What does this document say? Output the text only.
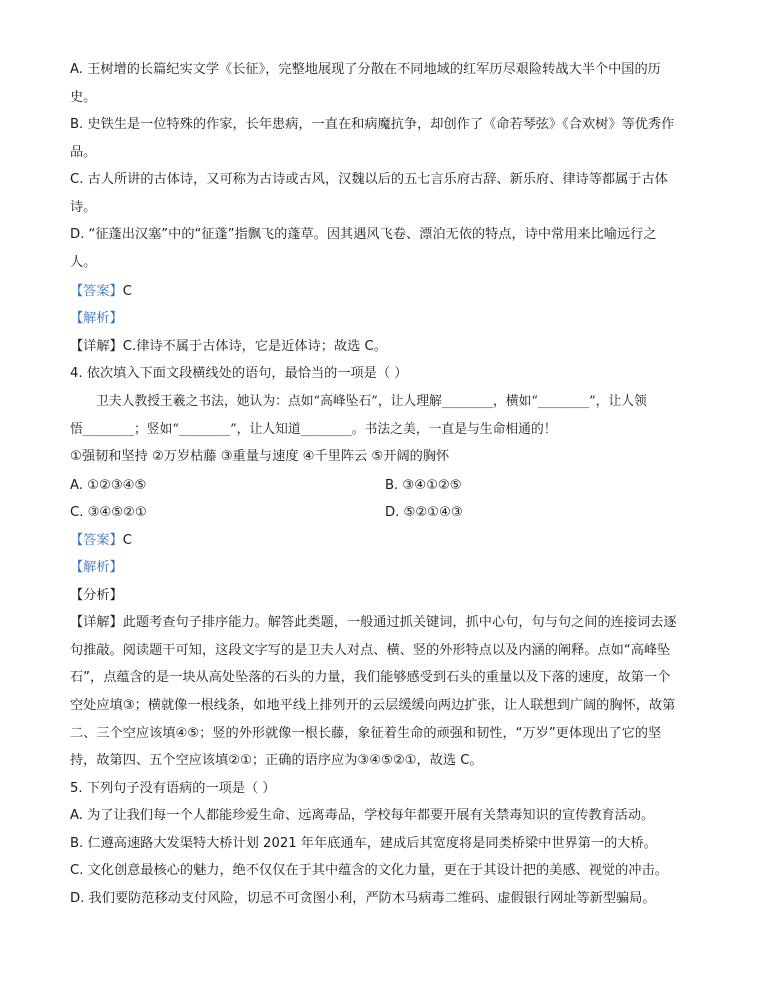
A. 王树增的长篇纪实文学《长征》，完整地展现了分散在不同地域的红军历尽艰险转战大半个中国的历
史。
B. 史铁生是一位特殊的作家，长年患病，一直在和病魔抗争，却创作了《命若琴弦》《合欢树》等优秀作
品。
C. 古人所讲的古体诗，又可称为古诗或古风，汉魏以后的五七言乐府古辞、新乐府、律诗等都属于古体
诗。
D. “征蓬出汉塞”中的“征蓬”指飘飞的蓬草。因其遇风飞卷、漂泊无依的特点，诗中常用来比喻远行之
人。
【答案】C
【解析】
【详解】C.律诗不属于古体诗，它是近体诗；故选 C。
4. 依次填入下面文段横线处的语句，最恰当的一项是（ ）
卫夫人教授王羲之书法，她认为：点如“高峰坠石”，让人理解________，横如“________”，让人领
悟________；竖如“________”，让人知道________。书法之美，一直是与生命相通的！
①强韧和坚持 ②万岁枯藤 ③重量与速度 ④千里阵云 ⑤开阔的胸怀
A. ①②③④⑤	B. ③④①②⑤
C. ③④⑤②①	D. ⑤②①④③
【答案】C
【解析】
【分析】
【详解】此题考查句子排序能力。解答此类题，一般通过抓关键词，抓中心句，句与句之间的连接词去逐
句推敲。阅读题干可知，这段文字写的是卫夫人对点、横、竖的外形特点以及内涵的阐释。点如“高峰坠
石”，点蕴含的是一块从高处坠落的石头的力量，我们能够感受到石头的重量以及下落的速度，故第一个
空处应填③；横就像一根线条，如地平线上排列开的云层缓缓向两边扩张，让人联想到广阔的胸怀，故第
二、三个空应该填④⑤；竖的外形就像一根长藤，象征着生命的顽强和韧性，“万岁”更体现出了它的坚
持，故第四、五个空应该填②①；正确的语序应为③④⑤②①，故选 C。
5. 下列句子没有语病的一项是（ ）
A. 为了让我们每一个人都能珍爱生命、远离毒品，学校每年都要开展有关禁毒知识的宣传教育活动。
B. 仁遵高速路大发渠特大桥计划 2021 年年底通车，建成后其宽度将是同类桥梁中世界第一的大桥。
C. 文化创意最核心的魅力，绝不仅仅在于其中蕴含的文化力量，更在于其设计把的美感、视觉的冲击。
D. 我们要防范移动支付风险，切忌不可贪图小利，严防木马病毒二维码、虚假银行网址等新型骗局。
